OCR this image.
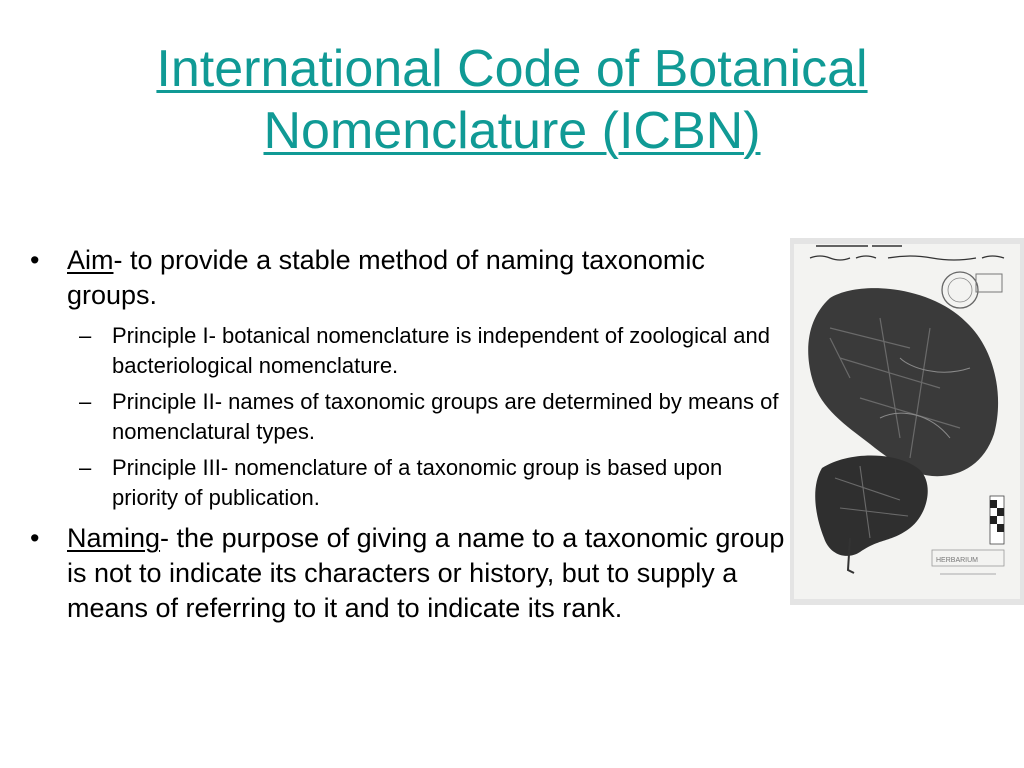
International Code of Botanical
Nomenclature (ICBN)
• Aim- to provide a stable method of naming taxonomic groups.
– Principle I- botanical nomenclature is independent of zoological and bacteriological nomenclature.
– Principle II- names of taxonomic groups are determined by means of nomenclatural types.
– Principle III- nomenclature of a taxonomic group is based upon priority of publication.
• Naming- the purpose of giving a name to a taxonomic group is not to indicate its characters or history, but to supply a means of referring to it and to indicate its rank.
HERBARIUM
